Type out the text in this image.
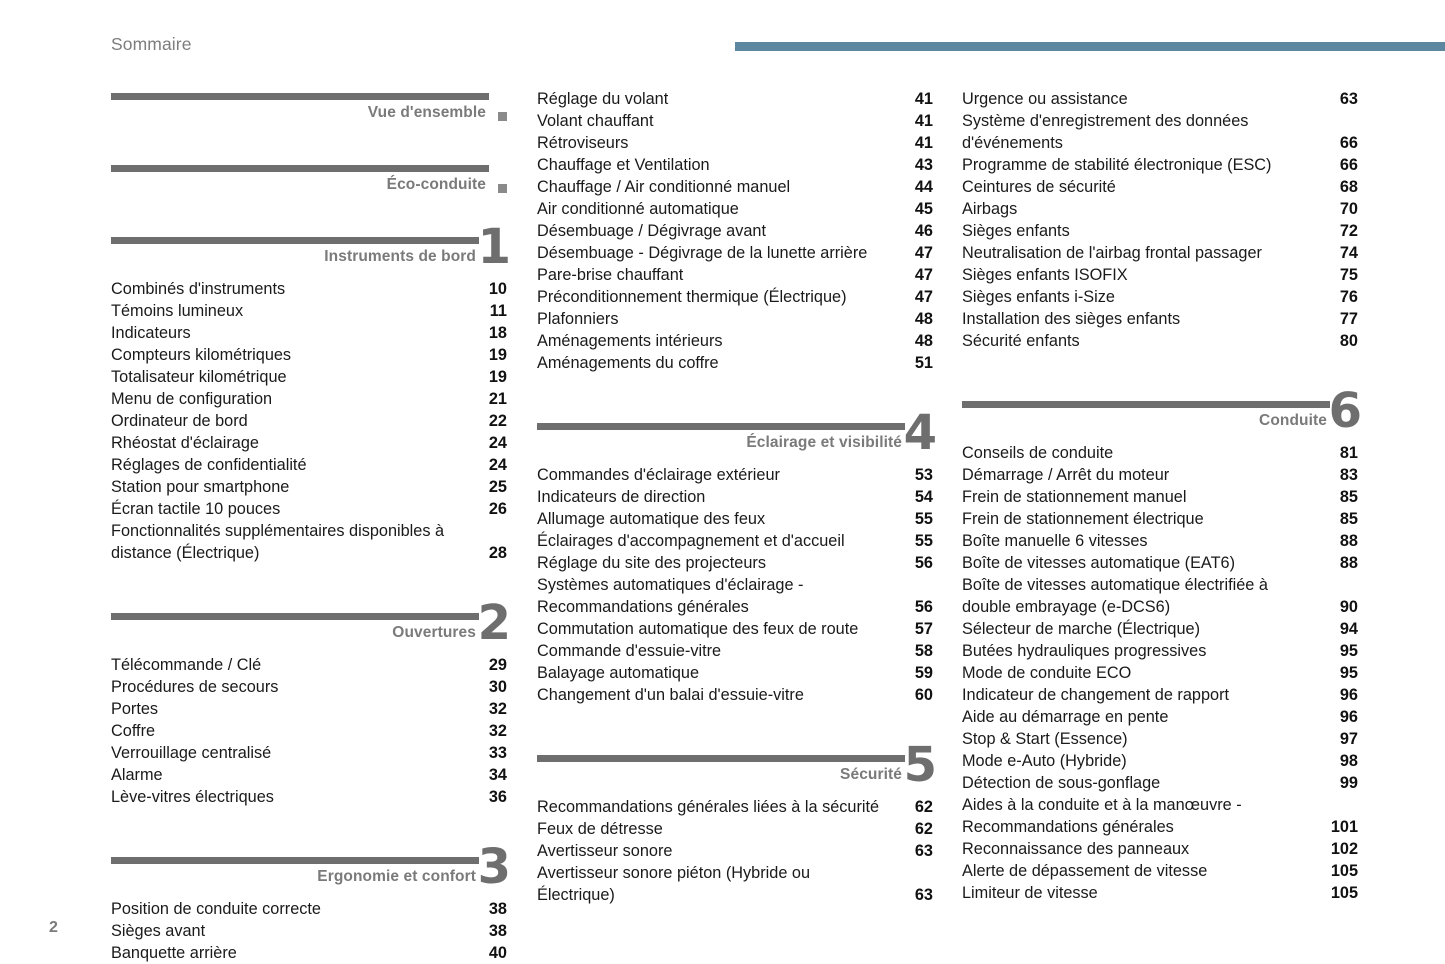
Sommaire
Vue d'ensemble
Éco-conduite
Instruments de bord 1
Combinés d'instruments	10
Témoins lumineux	11
Indicateurs	18
Compteurs kilométriques	19
Totalisateur kilométrique	19
Menu de configuration	21
Ordinateur de bord	22
Rhéostat d'éclairage	24
Réglages de confidentialité	24
Station pour smartphone	25
Écran tactile 10 pouces	26
Fonctionnalités supplémentaires disponibles à distance (Électrique)	28
Ouvertures 2
Télécommande / Clé	29
Procédures de secours	30
Portes	32
Coffre	32
Verrouillage centralisé	33
Alarme	34
Lève-vitres électriques	36
Ergonomie et confort 3
Position de conduite correcte	38
Sièges avant	38
Banquette arrière	40
Réglage du volant	41
Volant chauffant	41
Rétroviseurs	41
Chauffage et Ventilation	43
Chauffage / Air conditionné manuel	44
Air conditionné automatique	45
Désembuage / Dégivrage avant	46
Désembuage - Dégivrage de la lunette arrière	47
Pare-brise chauffant	47
Préconditionnement thermique (Électrique)	47
Plafonniers	48
Aménagements intérieurs	48
Aménagements du coffre	51
Éclairage et visibilité 4
Commandes d'éclairage extérieur	53
Indicateurs de direction	54
Allumage automatique des feux	55
Éclairages d'accompagnement et d'accueil	55
Réglage du site des projecteurs	56
Systèmes automatiques d'éclairage - Recommandations générales	56
Commutation automatique des feux de route	57
Commande d'essuie-vitre	58
Balayage automatique	59
Changement d'un balai d'essuie-vitre	60
Sécurité 5
Recommandations générales liées à la sécurité	62
Feux de détresse	62
Avertisseur sonore	63
Avertisseur sonore piéton (Hybride ou Électrique)	63
Urgence ou assistance	63
Système d'enregistrement des données d'événements	66
Programme de stabilité électronique (ESC)	66
Ceintures de sécurité	68
Airbags	70
Sièges enfants	72
Neutralisation de l'airbag frontal passager	74
Sièges enfants ISOFIX	75
Sièges enfants i-Size	76
Installation des sièges enfants	77
Sécurité enfants	80
Conduite 6
Conseils de conduite	81
Démarrage / Arrêt du moteur	83
Frein de stationnement manuel	85
Frein de stationnement électrique	85
Boîte manuelle 6 vitesses	88
Boîte de vitesses automatique (EAT6)	88
Boîte de vitesses automatique électrifiée à double embrayage (e-DCS6)	90
Sélecteur de marche (Électrique)	94
Butées hydrauliques progressives	95
Mode de conduite ECO	95
Indicateur de changement de rapport	96
Aide au démarrage en pente	96
Stop & Start (Essence)	97
Mode e-Auto (Hybride)	98
Détection de sous-gonflage	99
Aides à la conduite et à la manœuvre - Recommandations générales	101
Reconnaissance des panneaux	102
Alerte de dépassement de vitesse	105
Limiteur de vitesse	105
2
